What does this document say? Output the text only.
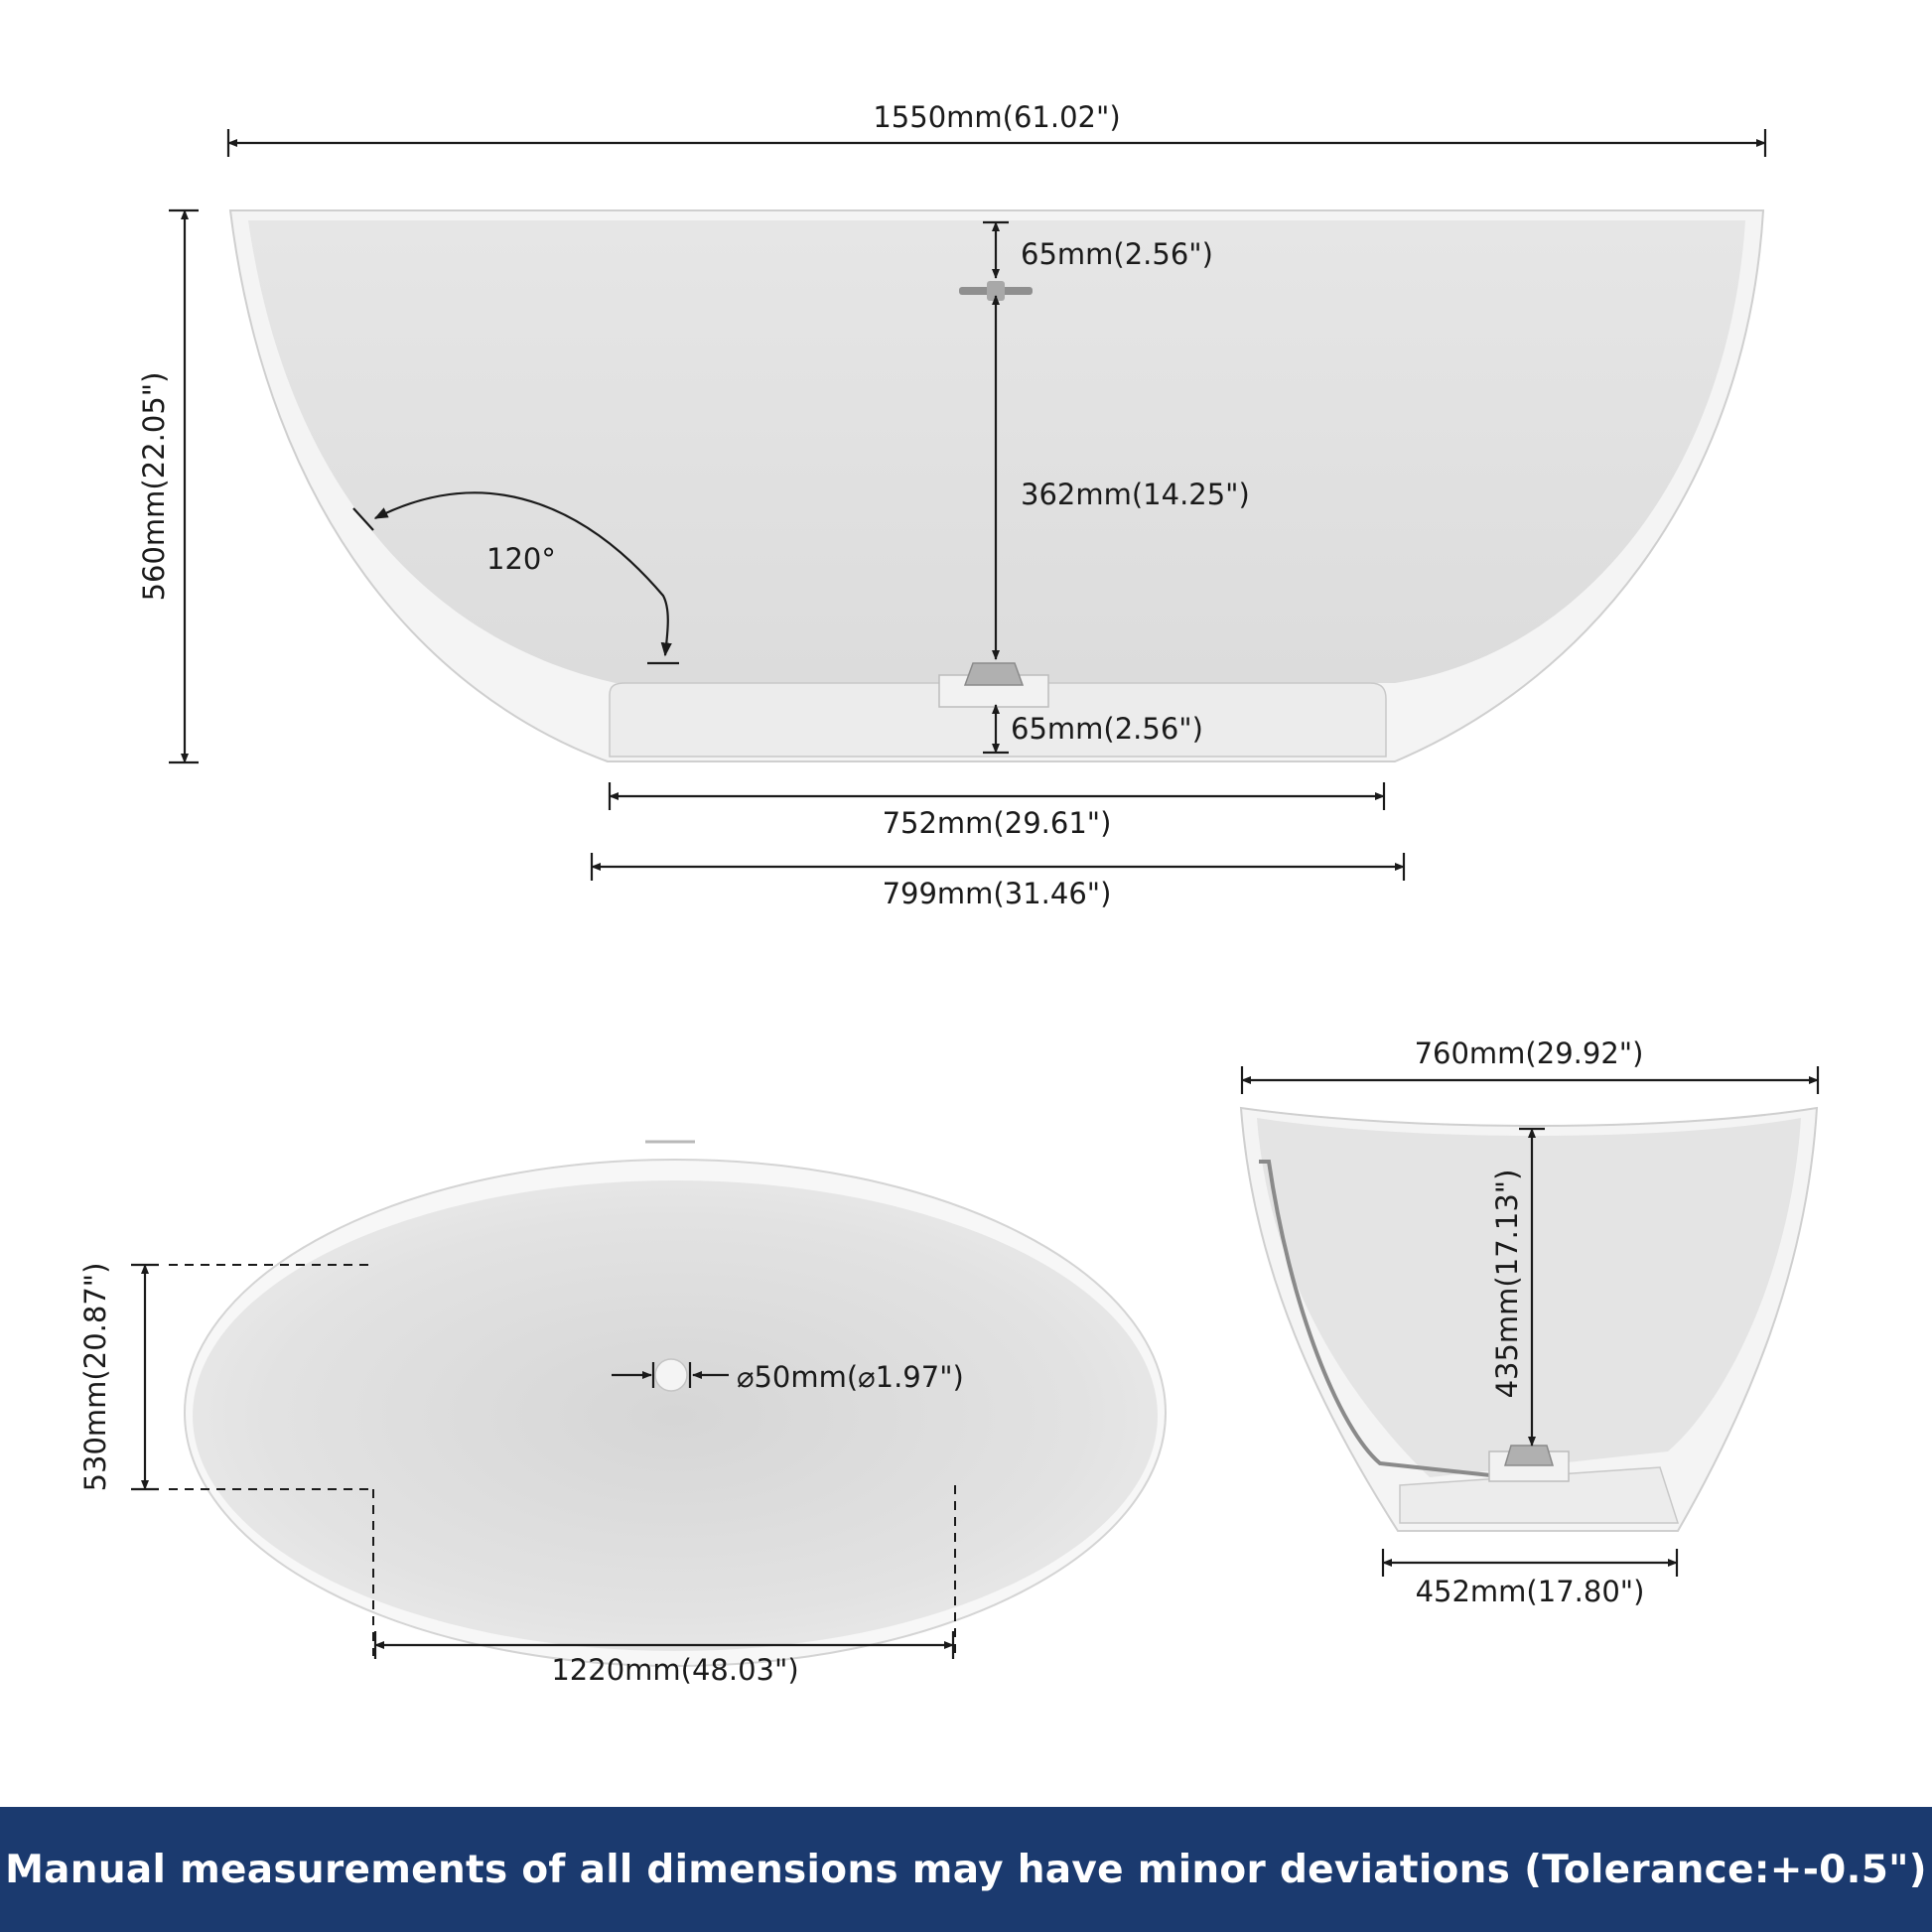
1550mm(61.02")
560mm(22.05")
65mm(2.56")
362mm(14.25")
65mm(2.56")
120°
752mm(29.61")
799mm(31.46")
530mm(20.87")	⌀50mm(⌀1.97")
1220mm(48.03")
760mm(29.92")
435mm(17.13")
452mm(17.80")
Manual measurements of all dimensions may have minor deviations (Tolerance:+-0.5")
